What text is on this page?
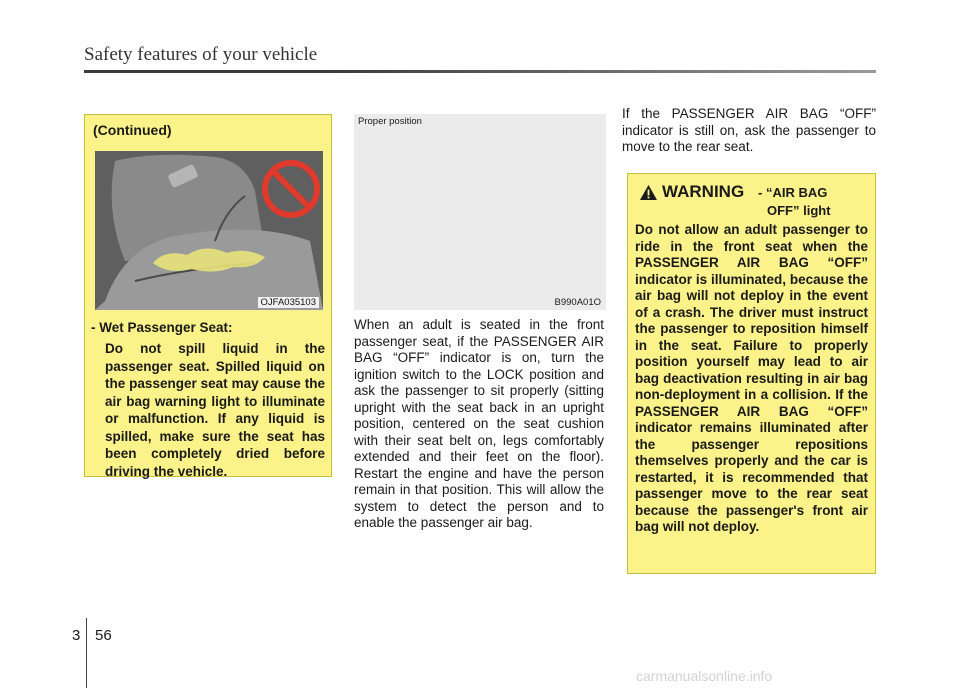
Safety features of your vehicle
(Continued)
OJFA035103
- Wet Passenger Seat:
Do not spill liquid in the passenger seat. Spilled liquid on the passenger seat may cause the air bag warning light to illuminate or malfunction. If any liquid is spilled, make sure the seat has been completely dried before driving the vehicle.
Proper position
B990A01O
When an adult is seated in the front passenger seat, if the PASSENGER AIR BAG “OFF” indicator is on, turn the ignition switch to the LOCK position and ask the passenger to sit properly (sitting upright with the seat back in an upright position, centered on the seat cushion with their seat belt on, legs comfortably extended and their feet on the floor). Restart the engine and have the person remain in that position. This will allow the system to detect the person and to enable the passenger air bag.
If the PASSENGER AIR BAG “OFF” indicator is still on, ask the passenger to move to the rear seat.
WARNING - “AIR BAG
OFF” light
Do not allow an adult passenger to ride in the front seat when the PASSENGER AIR BAG “OFF” indicator is illuminated, because the air bag will not deploy in the event of a crash. The driver must instruct the passenger to reposition himself in the seat. Failure to properly position yourself may lead to air bag deactivation resulting in air bag non-deployment in a collision. If the PASSENGER AIR BAG “OFF” indicator remains illuminated after the passenger repositions themselves properly and the car is restarted, it is recommended that passenger move to the rear seat because the passenger's front air bag will not deploy.
3 56
carmanualsonline.info
